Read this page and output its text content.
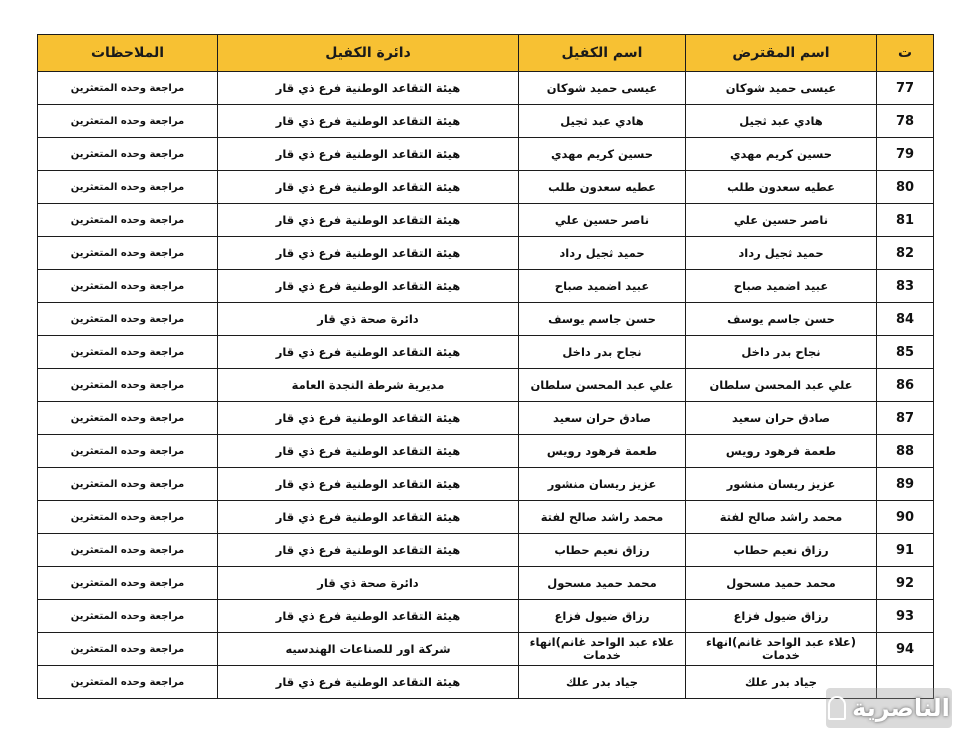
ت	اسم المقترض	اسم الكفيل	دائرة الكفيل	الملاحظات
77	عيسى حميد شوكان	عيسى حميد شوكان	هيئة التقاعد الوطنية فرع ذي قار	مراجعة وحده المتعثرين
78	هادي عبد ثجيل	هادي عبد ثجيل	هيئة التقاعد الوطنية فرع ذي قار	مراجعة وحده المتعثرين
79	حسين كريم مهدي	حسين كريم مهدي	هيئة التقاعد الوطنية فرع ذي قار	مراجعة وحده المتعثرين
80	عطيه سعدون طلب	عطيه سعدون طلب	هيئة التقاعد الوطنية فرع ذي قار	مراجعة وحده المتعثرين
81	ناصر حسين علي	ناصر حسين علي	هيئة التقاعد الوطنية فرع ذي قار	مراجعة وحده المتعثرين
82	حميد ثجيل رداد	حميد ثجيل رداد	هيئة التقاعد الوطنية فرع ذي قار	مراجعة وحده المتعثرين
83	عبيد اضميد صباح	عبيد اضميد صباح	هيئة التقاعد الوطنية فرع ذي قار	مراجعة وحده المتعثرين
84	حسن جاسم يوسف	حسن جاسم يوسف	دائرة صحة ذي قار	مراجعة وحده المتعثرين
85	نجاح بدر داخل	نجاح بدر داخل	هيئة التقاعد الوطنية فرع ذي قار	مراجعة وحده المتعثرين
86	علي عبد المحسن سلطان	علي عبد المحسن سلطان	مديرية شرطة النجدة العامة	مراجعة وحده المتعثرين
87	صادق حران سعيد	صادق حران سعيد	هيئة التقاعد الوطنية فرع ذي قار	مراجعة وحده المتعثرين
88	طعمة فرهود رويس	طعمة فرهود رويس	هيئة التقاعد الوطنية فرع ذي قار	مراجعة وحده المتعثرين
89	عزيز ريسان منشور	عزيز ريسان منشور	هيئة التقاعد الوطنية فرع ذي قار	مراجعة وحده المتعثرين
90	محمد راشد صالح لفتة	محمد راشد صالح لفتة	هيئة التقاعد الوطنية فرع ذي قار	مراجعة وحده المتعثرين
91	رزاق نعيم حطاب	رزاق نعيم حطاب	هيئة التقاعد الوطنية فرع ذي قار	مراجعة وحده المتعثرين
92	محمد حميد مسحول	محمد حميد مسحول	دائرة صحة ذي قار	مراجعة وحده المتعثرين
93	رزاق ضيول فزاع	رزاق ضيول فزاع	هيئة التقاعد الوطنية فرع ذي قار	مراجعة وحده المتعثرين
94	(علاء عبد الواحد غانم)انهاء خدمات	علاء عبد الواحد غانم)انهاء خدمات	شركة اور للصناعات الهندسيه	مراجعة وحده المتعثرين
	جياد بدر علك	جياد بدر علك	هيئة التقاعد الوطنية فرع ذي قار	مراجعة وحده المتعثرين
الناصرية
